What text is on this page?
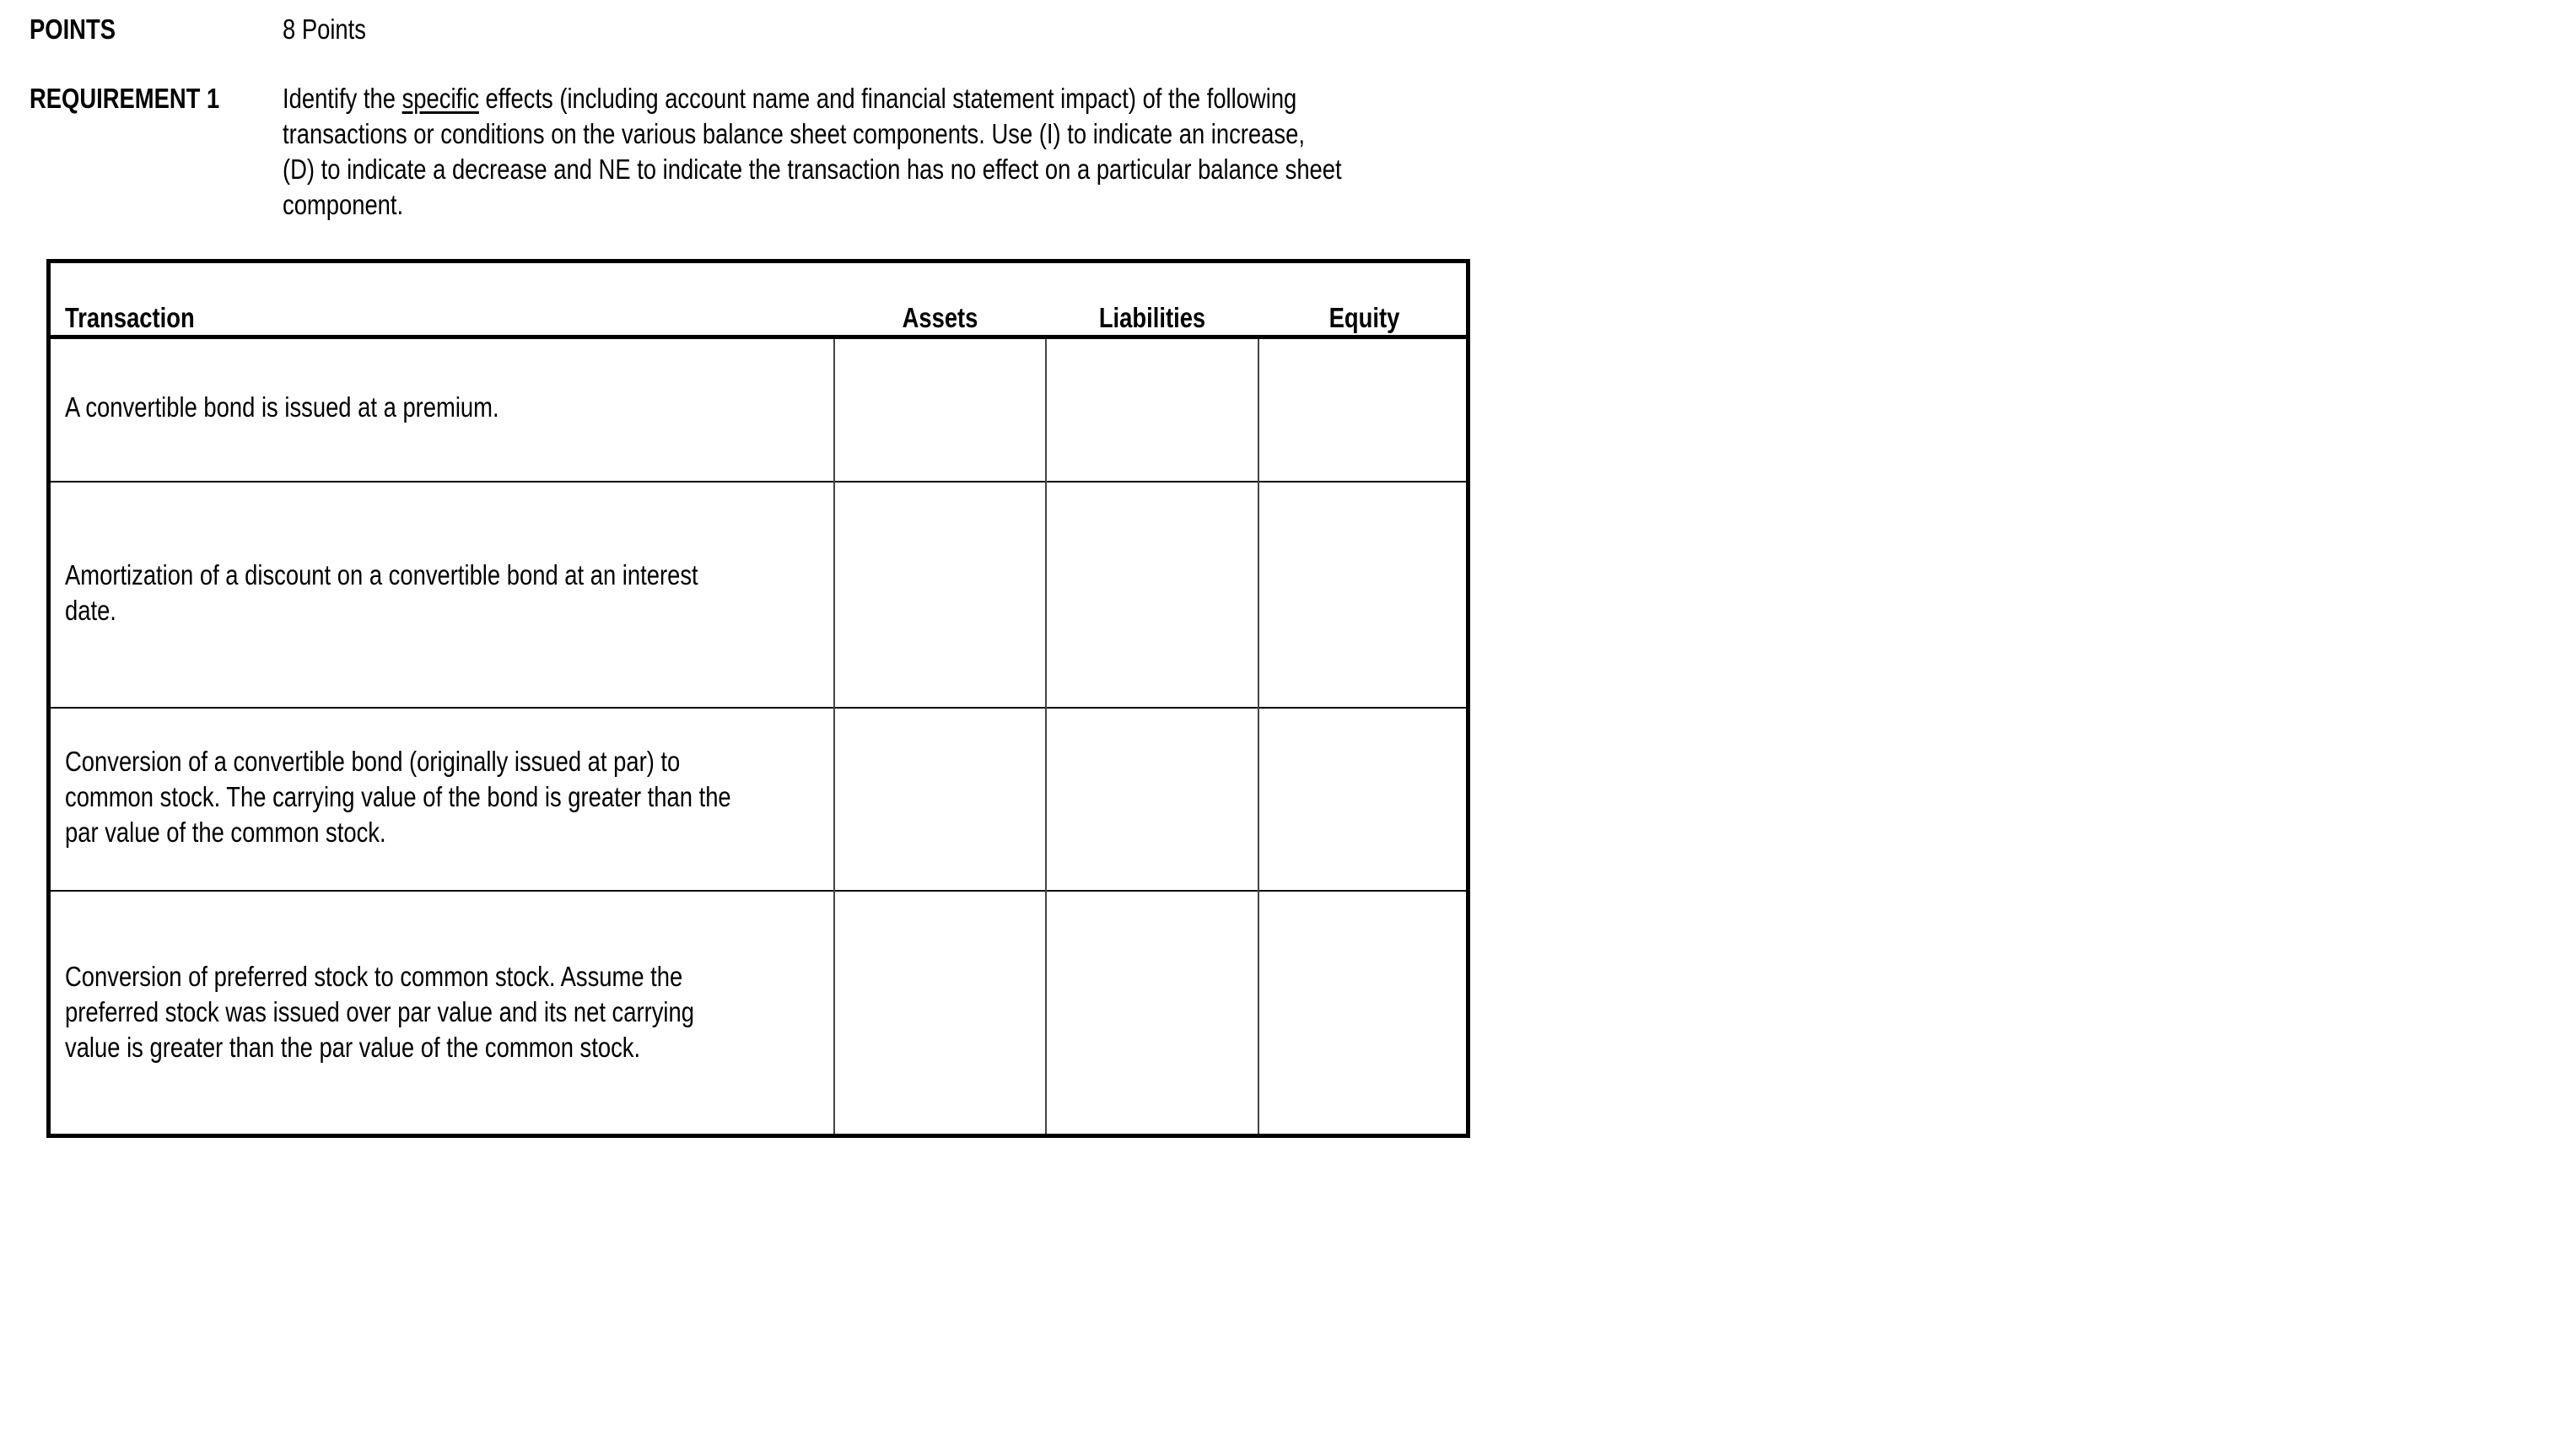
POINTS	8 Points
REQUIREMENT 1 Identify the specific effects (including account name and financial statement impact) of the following
transactions or conditions on the various balance sheet components. Use (I) to indicate an increase,
(D) to indicate a decrease and NE to indicate the transaction has no effect on a particular balance sheet
component.
Transaction	Assets	Liabilities	Equity
A convertible bond is issued at a premium.
Amortization of a discount on a convertible bond at an interest
date.
Conversion of a convertible bond (originally issued at par) to
common stock. The carrying value of the bond is greater than the
par value of the common stock.
Conversion of preferred stock to common stock. Assume the
preferred stock was issued over par value and its net carrying
value is greater than the par value of the common stock.
